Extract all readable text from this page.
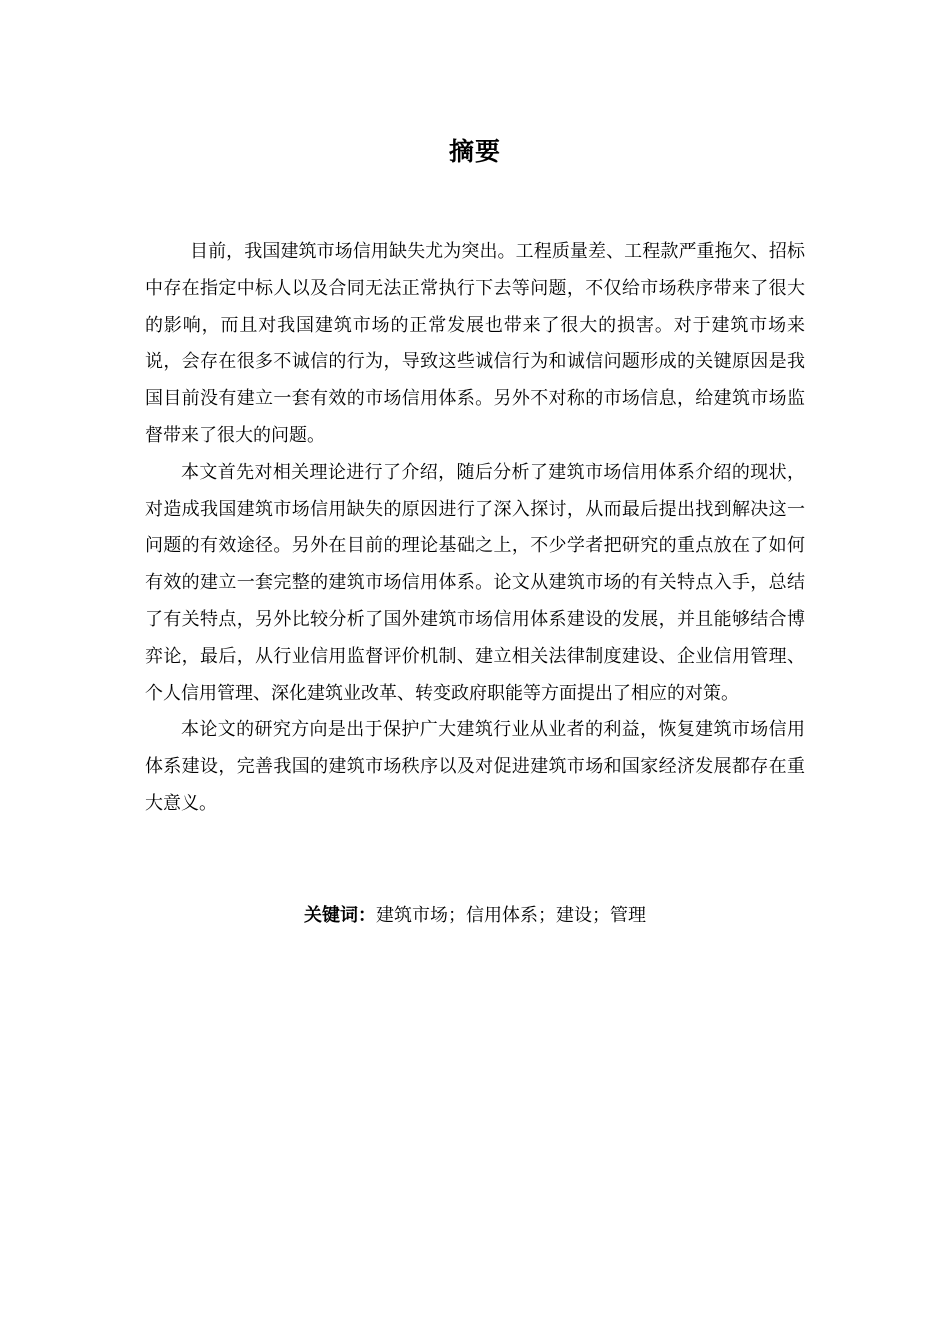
摘要

目前，我国建筑市场信用缺失尤为突出。工程质量差、工程款严重拖欠、招标中存在指定中标人以及合同无法正常执行下去等问题，不仅给市场秩序带来了很大的影响，而且对我国建筑市场的正常发展也带来了很大的损害。对于建筑市场来说，会存在很多不诚信的行为，导致这些诚信行为和诚信问题形成的关键原因是我国目前没有建立一套有效的市场信用体系。另外不对称的市场信息，给建筑市场监督带来了很大的问题。

本文首先对相关理论进行了介绍，随后分析了建筑市场信用体系介绍的现状，对造成我国建筑市场信用缺失的原因进行了深入探讨，从而最后提出找到解决这一问题的有效途径。另外在目前的理论基础之上，不少学者把研究的重点放在了如何有效的建立一套完整的建筑市场信用体系。论文从建筑市场的有关特点入手，总结了有关特点，另外比较分析了国外建筑市场信用体系建设的发展，并且能够结合博弈论，最后，从行业信用监督评价机制、建立相关法律制度建设、企业信用管理、个人信用管理、深化建筑业改革、转变政府职能等方面提出了相应的对策。

本论文的研究方向是出于保护广大建筑行业从业者的利益，恢复建筑市场信用体系建设，完善我国的建筑市场秩序以及对促进建筑市场和国家经济发展都存在重大意义。

关键词：建筑市场；信用体系；建设；管理
